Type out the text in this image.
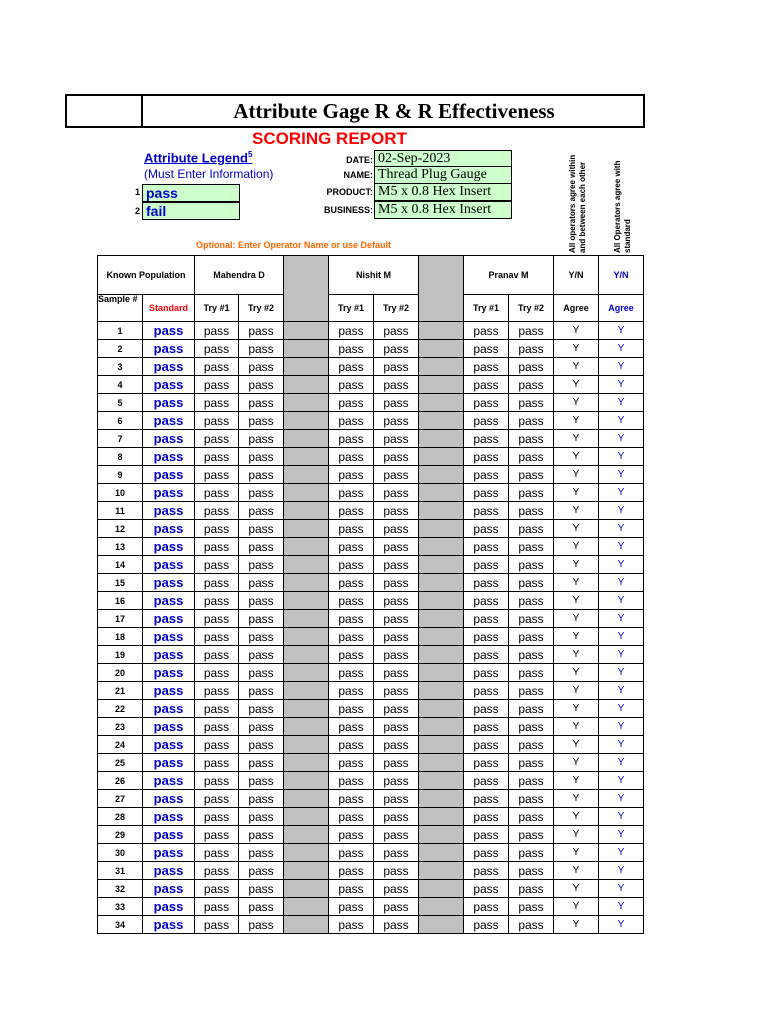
Attribute Gage R & R Effectiveness
SCORING REPORT
Attribute Legend$^5$
(Must Enter Information)
1 pass
2 fail
DATE: 02-Sep-2023
NAME: Thread Plug Gauge
PRODUCT: M5 x 0.8 Hex Insert
BUSINESS: M5 x 0.8 Hex Insert
Optional: Enter Operator Name or use Default	All operators agree within and between each other	All Operators agree with standard
Known Population		Mahendra D			Nishit M			Pranav M		Y/N	Y/N
Sample #	Standard	Try #1	Try #2		Try #1	Try #2		Try #1	Try #2	Agree	Agree
1	pass	pass	pass		pass	pass		pass	pass	Y	Y
2	pass	pass	pass		pass	pass		pass	pass	Y	Y
3	pass	pass	pass		pass	pass		pass	pass	Y	Y
4	pass	pass	pass		pass	pass		pass	pass	Y	Y
5	pass	pass	pass		pass	pass		pass	pass	Y	Y
6	pass	pass	pass		pass	pass		pass	pass	Y	Y
7	pass	pass	pass		pass	pass		pass	pass	Y	Y
8	pass	pass	pass		pass	pass		pass	pass	Y	Y
9	pass	pass	pass		pass	pass		pass	pass	Y	Y
10	pass	pass	pass		pass	pass		pass	pass	Y	Y
11	pass	pass	pass		pass	pass		pass	pass	Y	Y
12	pass	pass	pass		pass	pass		pass	pass	Y	Y
13	pass	pass	pass		pass	pass		pass	pass	Y	Y
14	pass	pass	pass		pass	pass		pass	pass	Y	Y
15	pass	pass	pass		pass	pass		pass	pass	Y	Y
16	pass	pass	pass		pass	pass		pass	pass	Y	Y
17	pass	pass	pass		pass	pass		pass	pass	Y	Y
18	pass	pass	pass		pass	pass		pass	pass	Y	Y
19	pass	pass	pass		pass	pass		pass	pass	Y	Y
20	pass	pass	pass		pass	pass		pass	pass	Y	Y
21	pass	pass	pass		pass	pass		pass	pass	Y	Y
22	pass	pass	pass		pass	pass		pass	pass	Y	Y
23	pass	pass	pass		pass	pass		pass	pass	Y	Y
24	pass	pass	pass		pass	pass		pass	pass	Y	Y
25	pass	pass	pass		pass	pass		pass	pass	Y	Y
26	pass	pass	pass		pass	pass		pass	pass	Y	Y
27	pass	pass	pass		pass	pass		pass	pass	Y	Y
28	pass	pass	pass		pass	pass		pass	pass	Y	Y
29	pass	pass	pass		pass	pass		pass	pass	Y	Y
30	pass	pass	pass		pass	pass		pass	pass	Y	Y
31	pass	pass	pass		pass	pass		pass	pass	Y	Y
32	pass	pass	pass		pass	pass		pass	pass	Y	Y
33	pass	pass	pass		pass	pass		pass	pass	Y	Y
34	pass	pass	pass		pass	pass		pass	pass	Y	Y
